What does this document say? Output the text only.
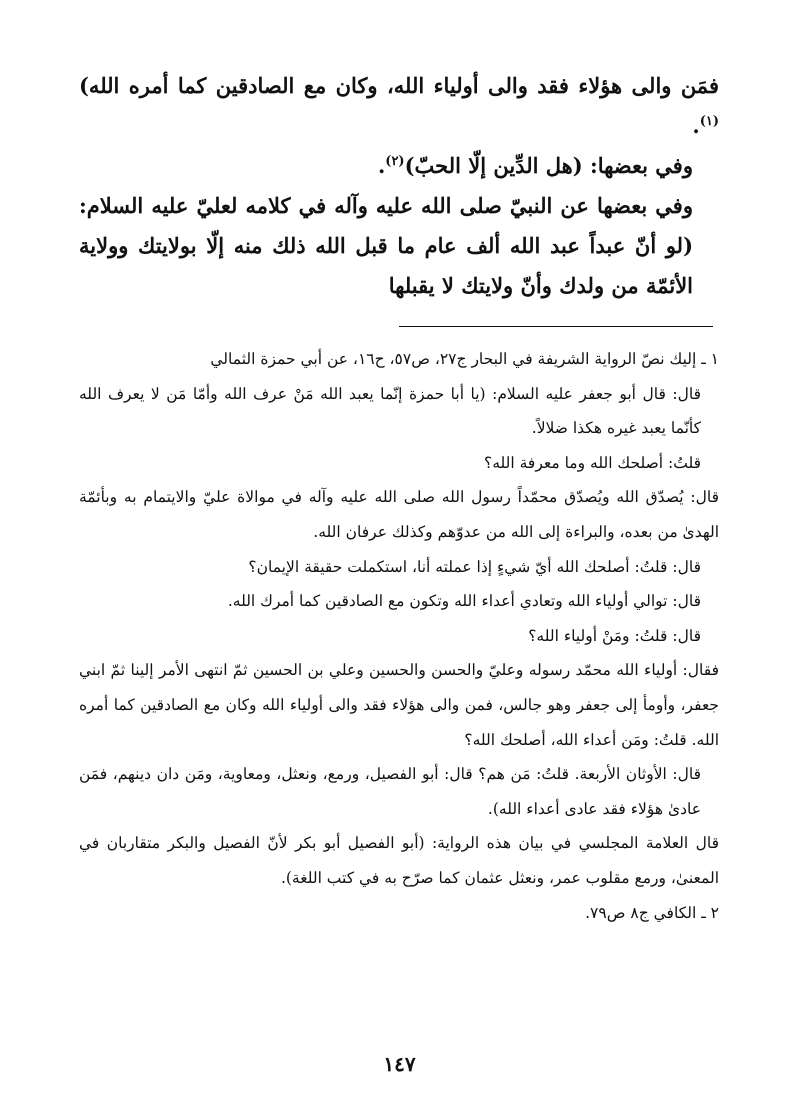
فمَن والى هؤلاء فقد والى أولياء الله، وكان مع الصادقين كما أمره الله)$^{(١)}$.

وفي بعضها: (هل الدِّين إلّا الحبّ)$^{(٢)}$.

وفي بعضها عن النبيّ صلى الله عليه وآله في كلامه لعليّ عليه السلام: (لو أنّ عبداً عبد الله ألف عام ما قبل الله ذلك منه إلّا بولايتك وولاية الأئمّة من ولدك وأنّ ولايتك لا يقبلها

١ ـ إليك نصّ الرواية الشريفة في البحار ج٢٧، ص٥٧، ح١٦، عن أبي حمزة الثمالي

قال: قال أبو جعفر عليه السلام: (يا أبا حمزة إنّما يعبد الله مَنْ عرف الله وأمّا مَن لا يعرف الله كأنّما يعبد غيره هكذا ضلالاً.

قلتُ: أصلحك الله وما معرفة الله؟

قال: يُصدّق الله ويُصدّق محمّداً رسول الله صلى الله عليه وآله في موالاة عليّ والايتمام به وبأئمّة الهدىٰ من بعده، والبراءة إلى الله من عدوّهم وكذلك عرفان الله.

قال: قلتُ: أصلحك الله أيّ شيءٍ إذا عملته أنا، استكملت حقيقة الإيمان؟

قال: توالي أولياء الله وتعادي أعداء الله وتكون مع الصادقين كما أمرك الله.

قال: قلتُ: ومَنْ أولياء الله؟

فقال: أولياء الله محمّد رسوله وعليّ والحسن والحسين وعلي بن الحسين ثمّ انتهى الأمر إلينا ثمّ ابني جعفر، وأومأ إلى جعفر وهو جالس، فمن والى هؤلاء فقد والى أولياء الله وكان مع الصادقين كما أمره الله. قلتُ: ومَن أعداء الله، أصلحك الله؟

قال: الأوثان الأربعة. قلتُ: مَن هم؟ قال: أبو الفصيل، ورمع، ونعثل، ومعاوية، ومَن دان دينهم، فمَن عادىٰ هؤلاء فقد عادى أعداء الله).

قال العلامة المجلسي في بيان هذه الرواية: (أبو الفصيل أبو بكر لأنّ الفصيل والبكر متقاربان في المعنىٰ، ورمع مقلوب عمر، ونعثل عثمان كما صرّح به في كتب اللغة).

٢ ـ الكافي ج٨ ص٧٩.

١٤٧
